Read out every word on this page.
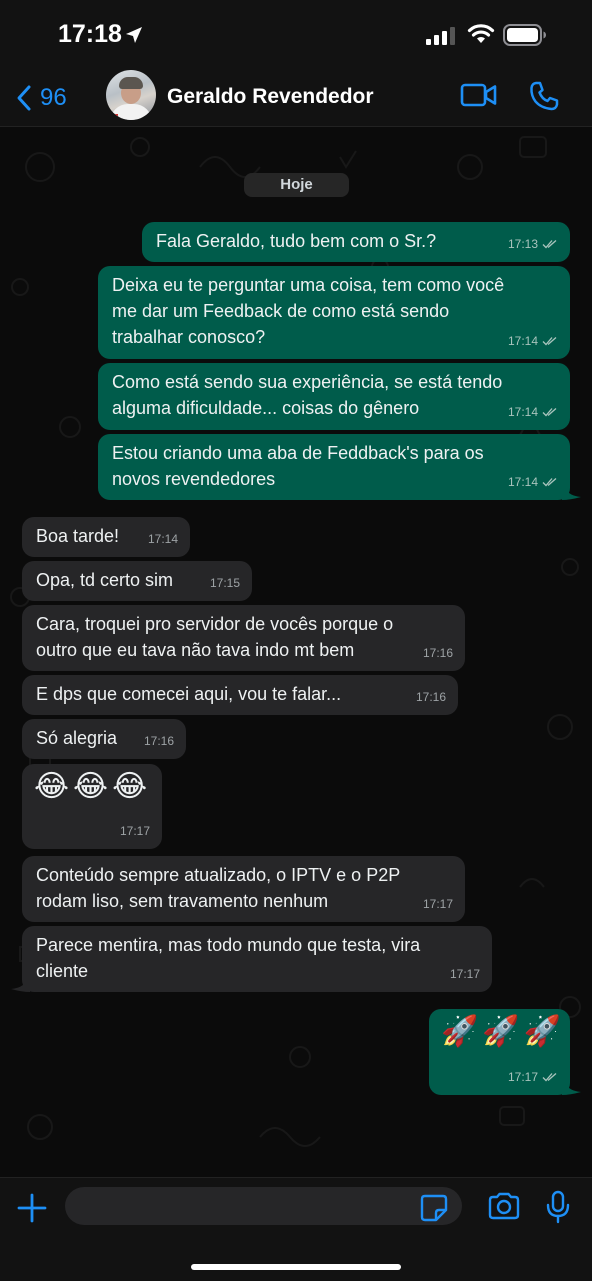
17:18
96	Geraldo Revendedor
Hoje
Fala Geraldo, tudo bem com o Sr.?	17:13
Deixa eu te perguntar uma coisa, tem como você
me dar um Feedback de como está sendo
trabalhar conosco?	17:14
Como está sendo sua experiência, se está tendo
alguma dificuldade... coisas do gênero	17:14
Estou criando uma aba de Feddback's para os
novos revendedores	17:14
Boa tarde! 17:14
Opa, td certo sim	17:15
Cara, troquei pro servidor de vocês porque o
outro que eu tava não tava indo mt bem	17:16
E dps que comecei aqui, vou te falar...	17:16
Só alegria 17:16
😂😂😂
17:17
Conteúdo sempre atualizado, o IPTV e o P2P
rodam liso, sem travamento nenhum	17:17
Parece mentira, mas todo mundo que testa, vira
cliente	17:17
🚀🚀🚀
17:17
